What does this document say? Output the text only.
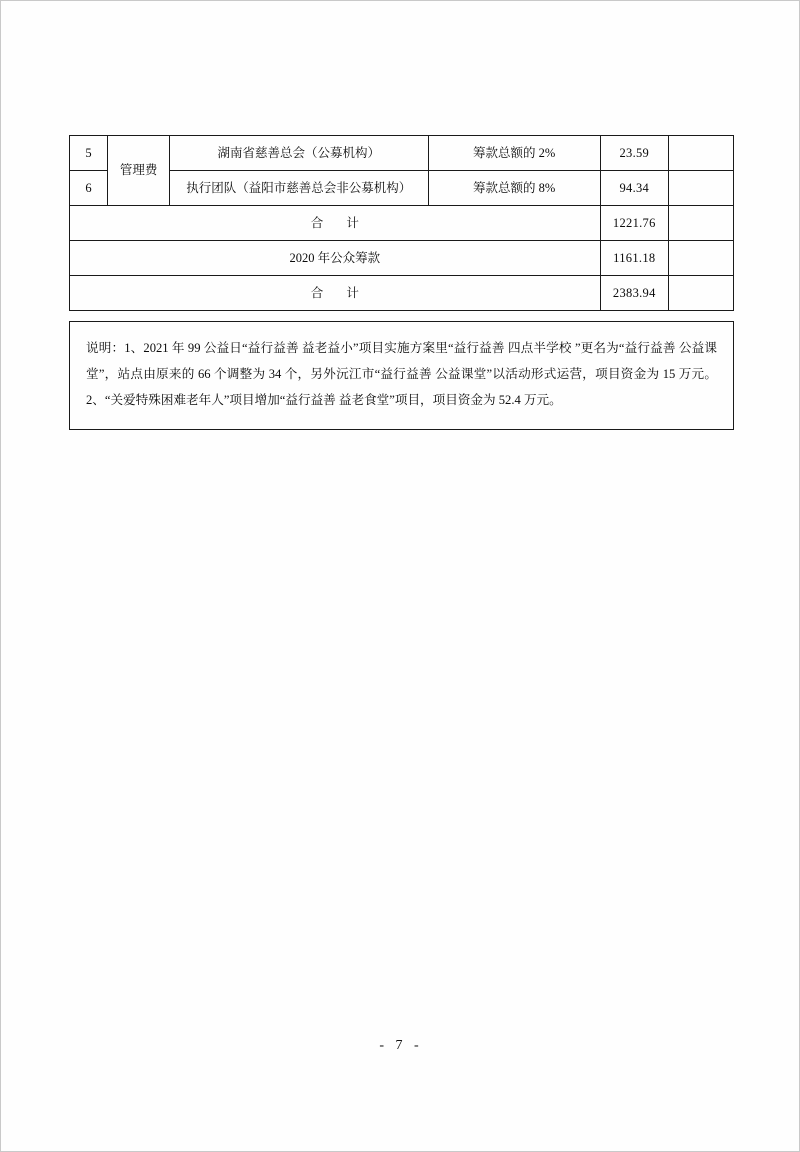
5	管理费	湖南省慈善总会（公募机构）	筹款总额的 2%	23.59	
6		执行团队（益阳市慈善总会非公募机构）	筹款总额的 8%	94.34	
合 计				1221.76	
2020 年公众筹款				1161.18	
合 计				2383.94	
说明：1、2021 年 99 公益日“益行益善 益老益小”项目实施方案里“益行益善 四点半学校 ”更名为“益行益善 公益课堂”，站点由原来的 66 个调整为 34 个，另外沅江市“益行益善 公益课堂”以活动形式运营，项目资金为 15 万元。 2、“关爱特殊困难老年人”项目增加“益行益善 益老食堂”项目，项目资金为 52.4 万元。
- 7 -
